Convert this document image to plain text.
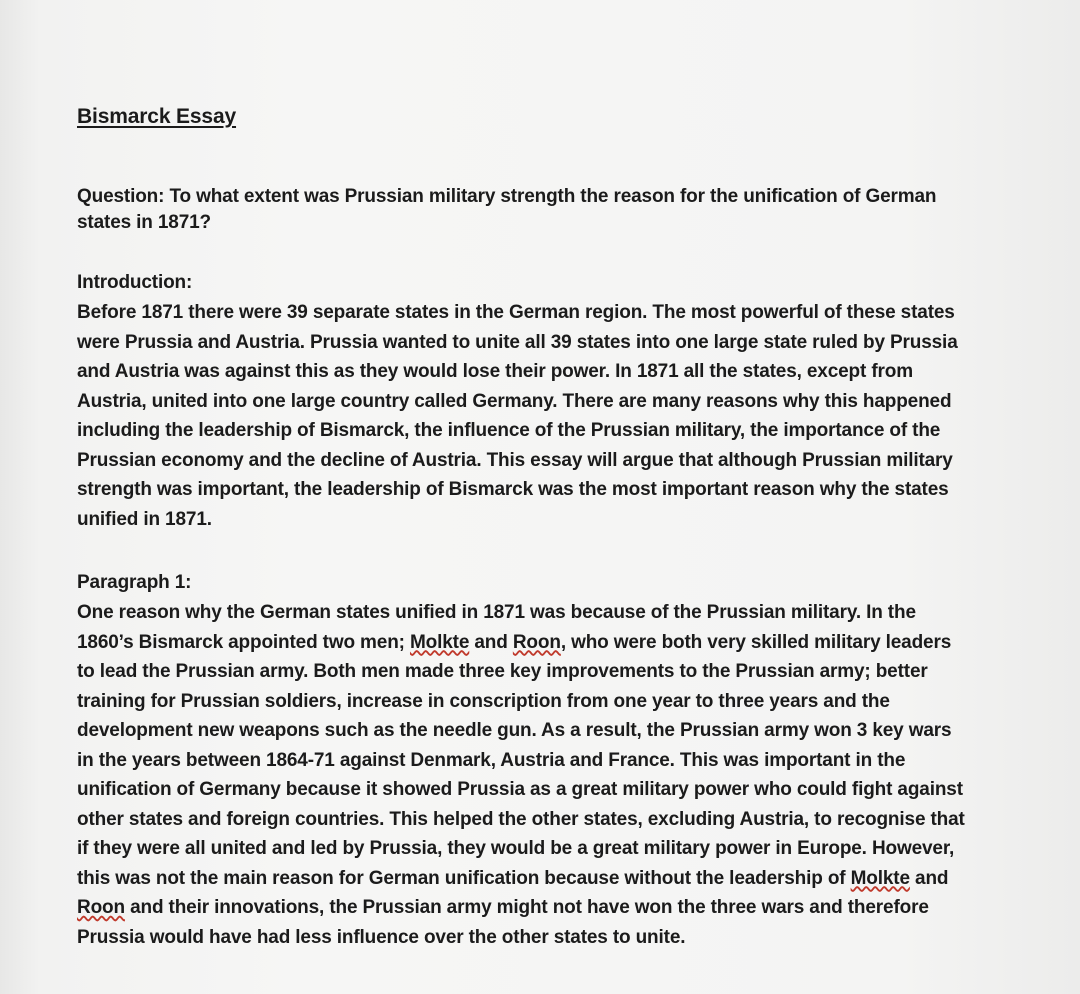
Bismarck Essay
Question: To what extent was Prussian military strength the reason for the unification of German states in 1871?
Introduction:
Before 1871 there were 39 separate states in the German region. The most powerful of these states were Prussia and Austria. Prussia wanted to unite all 39 states into one large state ruled by Prussia and Austria was against this as they would lose their power. In 1871 all the states, except from Austria, united into one large country called Germany. There are many reasons why this happened including the leadership of Bismarck, the influence of the Prussian military, the importance of the Prussian economy and the decline of Austria. This essay will argue that although Prussian military strength was important, the leadership of Bismarck was the most important reason why the states unified in 1871.
Paragraph 1:
One reason why the German states unified in 1871 was because of the Prussian military. In the 1860’s Bismarck appointed two men; Molkte and Roon, who were both very skilled military leaders to lead the Prussian army. Both men made three key improvements to the Prussian army; better training for Prussian soldiers, increase in conscription from one year to three years and the development new weapons such as the needle gun. As a result, the Prussian army won 3 key wars in the years between 1864-71 against Denmark, Austria and France. This was important in the unification of Germany because it showed Prussia as a great military power who could fight against other states and foreign countries. This helped the other states, excluding Austria, to recognise that if they were all united and led by Prussia, they would be a great military power in Europe. However, this was not the main reason for German unification because without the leadership of Molkte and Roon and their innovations, the Prussian army might not have won the three wars and therefore Prussia would have had less influence over the other states to unite.
